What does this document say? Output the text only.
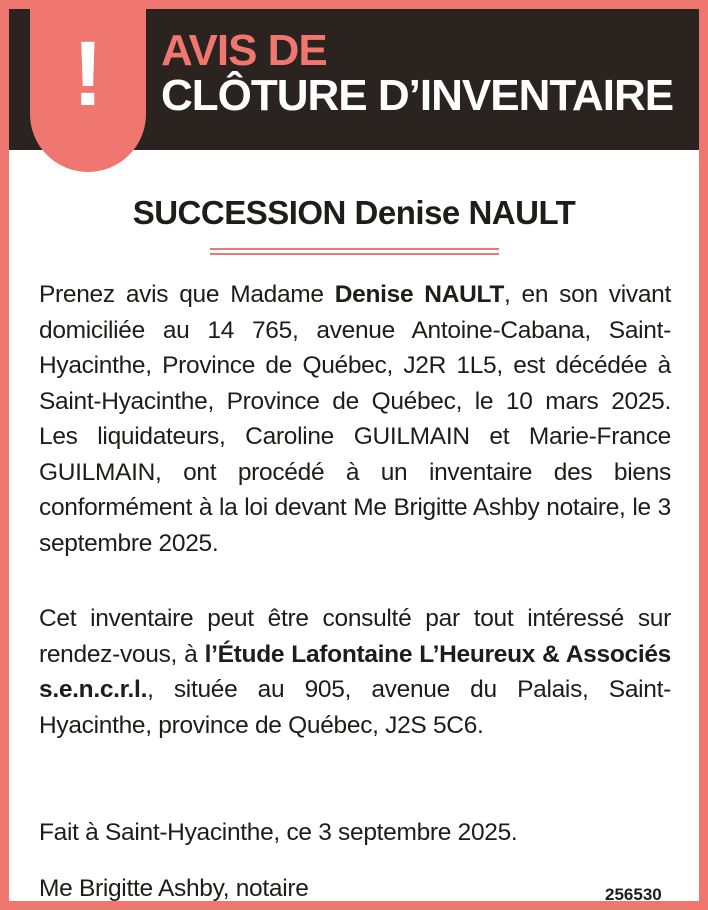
!	AVIS DE
CLÔTURE D’INVENTAIRE
SUCCESSION Denise NAULT

Prenez avis que Madame Denise NAULT, en son vivant domiciliée au 14 765, avenue Antoine-Cabana, Saint-Hyacinthe, Province de Québec, J2R 1L5, est décédée à Saint-Hyacinthe, Province de Québec, le 10 mars 2025. Les liquidateurs, Caroline GUILMAIN et Marie-France GUILMAIN, ont procédé à un inventaire des biens conformément à la loi devant Me Brigitte Ashby notaire, le 3 septembre 2025.

Cet inventaire peut être consulté par tout intéressé sur rendez-vous, à l’Étude Lafontaine L’Heureux & Associés s.e.n.c.r.l., située au 905, avenue du Palais, Saint-Hyacinthe, province de Québec, J2S 5C6.

Fait à Saint-Hyacinthe, ce 3 septembre 2025.

Me Brigitte Ashby, notaire	256530
